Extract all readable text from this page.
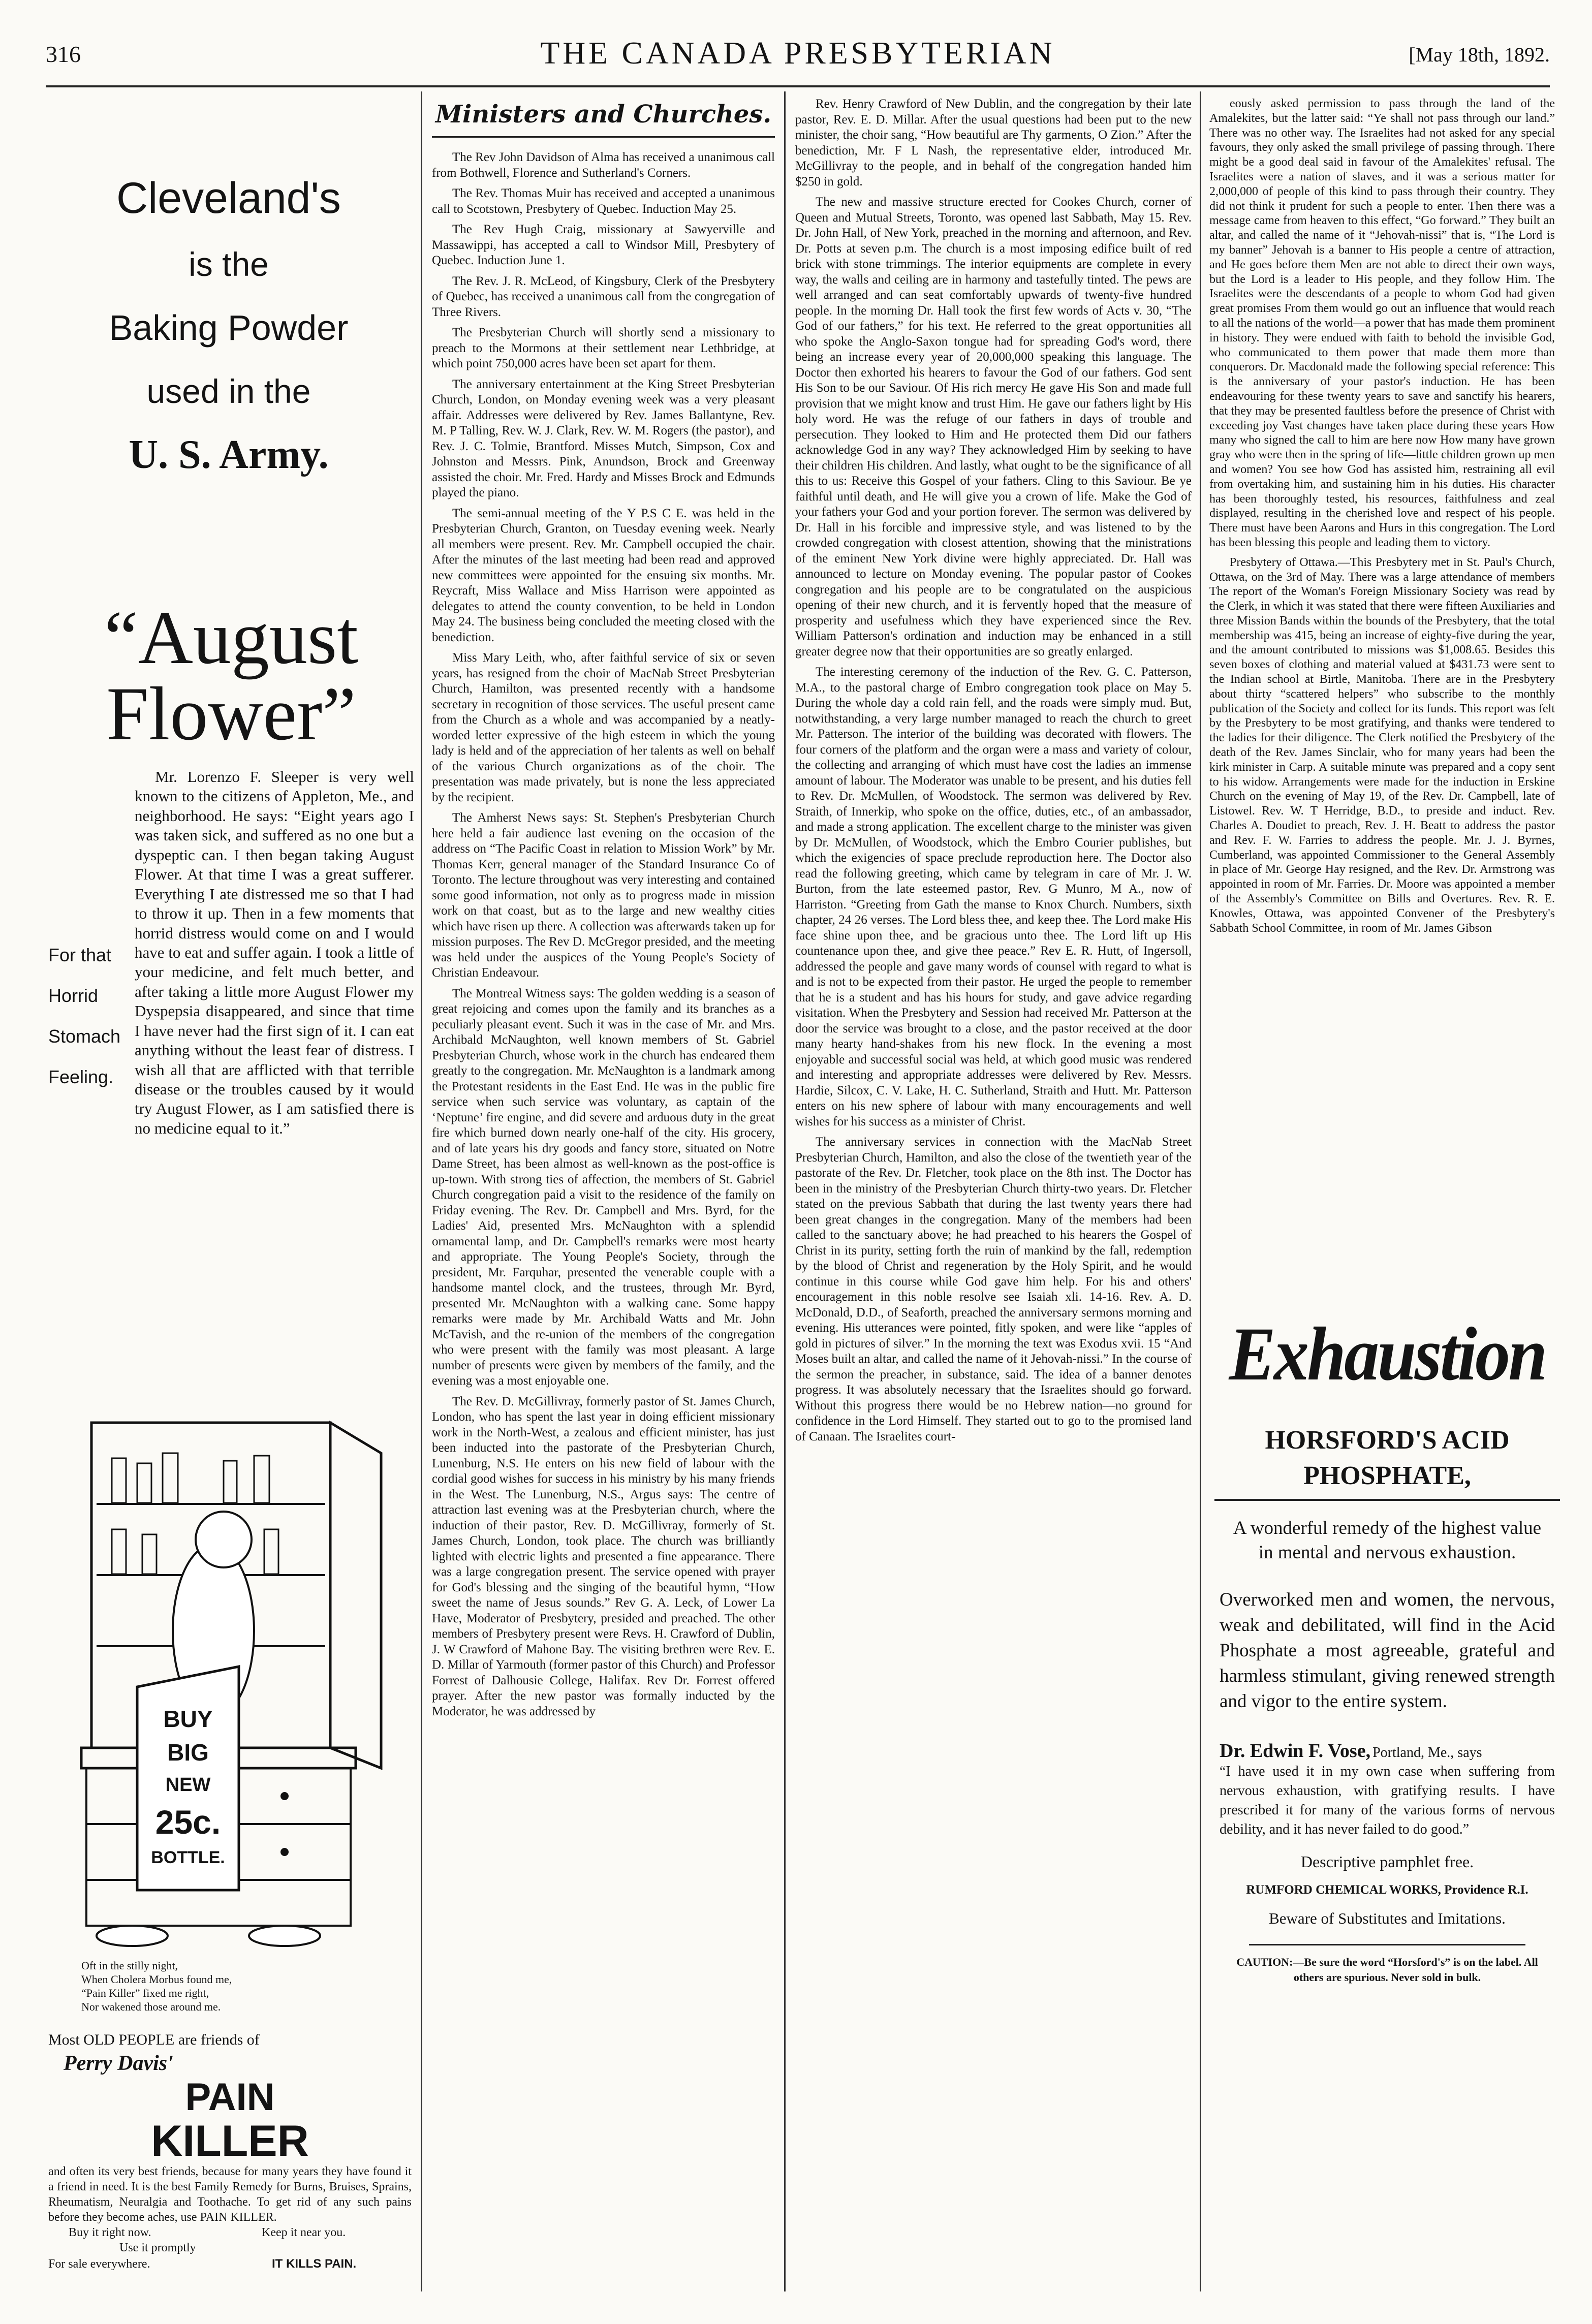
316	THE CANADA PRESBYTERIAN	[May 18th, 1892.
Cleveland's
is the
Baking Powder
used in the
U. S. Army.
“August
Flower”
For that
Horrid
Stomach
Feeling.
Mr. Lorenzo F. Sleeper is very well known to the citizens of Appleton, Me., and neighborhood. He says: “Eight years ago I was taken sick, and suffered as no one but a dyspeptic can. I then began taking August Flower. At that time I was a great sufferer. Everything I ate distressed me so that I had to throw it up. Then in a few moments that horrid distress would come on and I would have to eat and suffer again. I took a little of your medicine, and felt much better, and after taking a little more August Flower my Dyspepsia disappeared, and since that time I have never had the first sign of it. I can eat anything without the least fear of distress. I wish all that are afflicted with that terrible disease or the troubles caused by it would try August Flower, as I am satisfied there is no medicine equal to it.”
BUY
BIG
NEW
25c.
BOTTLE.
Oft in the stilly night,
When Cholera Morbus found me,
“Pain Killer” fixed me right,
Nor wakened those around me.
Most OLD PEOPLE are friends of
Perry Davis'
PAIN
KILLER
and often its very best friends, because for many years they have found it a friend in need. It is the best Family Remedy for Burns, Bruises, Sprains, Rheumatism, Neuralgia and Toothache. To get rid of any such pains before they become aches, use PAIN KILLER.
Buy it right now.	Keep it near you.
Use it promptly
For sale everywhere.	IT KILLS PAIN.
Ministers and Churches.

The Rev John Davidson of Alma has received a unanimous call from Bothwell, Florence and Sutherland's Corners.

The Rev. Thomas Muir has received and accepted a unanimous call to Scotstown, Presbytery of Quebec. Induction May 25.

The Rev Hugh Craig, missionary at Sawyerville and Massawippi, has accepted a call to Windsor Mill, Presbytery of Quebec. Induction June 1.

The Rev. J. R. McLeod, of Kingsbury, Clerk of the Presbytery of Quebec, has received a unanimous call from the congregation of Three Rivers.

The Presbyterian Church will shortly send a missionary to preach to the Mormons at their settlement near Lethbridge, at which point 750,000 acres have been set apart for them.

The anniversary entertainment at the King Street Presbyterian Church, London, on Monday evening week was a very pleasant affair. Addresses were delivered by Rev. James Ballantyne, Rev. M. P Talling, Rev. W. J. Clark, Rev. W. M. Rogers (the pastor), and Rev. J. C. Tolmie, Brantford. Misses Mutch, Simpson, Cox and Johnston and Messrs. Pink, Anundson, Brock and Greenway assisted the choir. Mr. Fred. Hardy and Misses Brock and Edmunds played the piano.

The semi-annual meeting of the Y P.S C E. was held in the Presbyterian Church, Granton, on Tuesday evening week. Nearly all members were present. Rev. Mr. Campbell occupied the chair. After the minutes of the last meeting had been read and approved new committees were appointed for the ensuing six months. Mr. Reycraft, Miss Wallace and Miss Harrison were appointed as delegates to attend the county convention, to be held in London May 24. The business being concluded the meeting closed with the benediction.

Miss Mary Leith, who, after faithful service of six or seven years, has resigned from the choir of MacNab Street Presbyterian Church, Hamilton, was presented recently with a handsome secretary in recognition of those services. The useful present came from the Church as a whole and was accompanied by a neatly-worded letter expressive of the high esteem in which the young lady is held and of the appreciation of her talents as well on behalf of the various Church organizations as of the choir. The presentation was made privately, but is none the less appreciated by the recipient.

The Amherst News says: St. Stephen's Presbyterian Church here held a fair audience last evening on the occasion of the address on “The Pacific Coast in relation to Mission Work” by Mr. Thomas Kerr, general manager of the Standard Insurance Co of Toronto. The lecture throughout was very interesting and contained some good information, not only as to progress made in mission work on that coast, but as to the large and new wealthy cities which have risen up there. A collection was afterwards taken up for mission purposes. The Rev D. McGregor presided, and the meeting was held under the auspices of the Young People's Society of Christian Endeavour.

The Montreal Witness says: The golden wedding is a season of great rejoicing and comes upon the family and its branches as a peculiarly pleasant event. Such it was in the case of Mr. and Mrs. Archibald McNaughton, well known members of St. Gabriel Presbyterian Church, whose work in the church has endeared them greatly to the congregation. Mr. McNaughton is a landmark among the Protestant residents in the East End. He was in the public fire service when such service was voluntary, as captain of the ‘Neptune’ fire engine, and did severe and arduous duty in the great fire which burned down nearly one-half of the city. His grocery, and of late years his dry goods and fancy store, situated on Notre Dame Street, has been almost as well-known as the post-office is up-town. With strong ties of affection, the members of St. Gabriel Church congregation paid a visit to the residence of the family on Friday evening. The Rev. Dr. Campbell and Mrs. Byrd, for the Ladies' Aid, presented Mrs. McNaughton with a splendid ornamental lamp, and Dr. Campbell's remarks were most hearty and appropriate. The Young People's Society, through the president, Mr. Farquhar, presented the venerable couple with a handsome mantel clock, and the trustees, through Mr. Byrd, presented Mr. McNaughton with a walking cane. Some happy remarks were made by Mr. Archibald Watts and Mr. John McTavish, and the re-union of the members of the congregation who were present with the family was most pleasant. A large number of presents were given by members of the family, and the evening was a most enjoyable one.

The Rev. D. McGillivray, formerly pastor of St. James Church, London, who has spent the last year in doing efficient missionary work in the North-West, a zealous and efficient minister, has just been inducted into the pastorate of the Presbyterian Church, Lunenburg, N.S. He enters on his new field of labour with the cordial good wishes for success in his ministry by his many friends in the West. The Lunenburg, N.S., Argus says: The centre of attraction last evening was at the Presbyterian church, where the induction of their pastor, Rev. D. McGillivray, formerly of St. James Church, London, took place. The church was brilliantly lighted with electric lights and presented a fine appearance. There was a large congregation present. The service opened with prayer for God's blessing and the singing of the beautiful hymn, “How sweet the name of Jesus sounds.” Rev G. A. Leck, of Lower La Have, Moderator of Presbytery, presided and preached. The other members of Presbytery present were Revs. H. Crawford of Dublin, J. W Crawford of Mahone Bay. The visiting brethren were Rev. E. D. Millar of Yarmouth (former pastor of this Church) and Professor Forrest of Dalhousie College, Halifax. Rev Dr. Forrest offered prayer. After the new pastor was formally inducted by the Moderator, he was addressed by

Rev. Henry Crawford of New Dublin, and the congregation by their late pastor, Rev. E. D. Millar. After the usual questions had been put to the new minister, the choir sang, “How beautiful are Thy garments, O Zion.” After the benediction, Mr. F L Nash, the representative elder, introduced Mr. McGillivray to the people, and in behalf of the congregation handed him $250 in gold.

The new and massive structure erected for Cookes Church, corner of Queen and Mutual Streets, Toronto, was opened last Sabbath, May 15. Rev. Dr. John Hall, of New York, preached in the morning and afternoon, and Rev. Dr. Potts at seven p.m. The church is a most imposing edifice built of red brick with stone trimmings. The interior equipments are complete in every way, the walls and ceiling are in harmony and tastefully tinted. The pews are well arranged and can seat comfortably upwards of twenty-five hundred people. In the morning Dr. Hall took the first few words of Acts v. 30, “The God of our fathers,” for his text. He referred to the great opportunities all who spoke the Anglo-Saxon tongue had for spreading God's word, there being an increase every year of 20,000,000 speaking this language. The Doctor then exhorted his hearers to favour the God of our fathers. God sent His Son to be our Saviour. Of His rich mercy He gave His Son and made full provision that we might know and trust Him. He gave our fathers light by His holy word. He was the refuge of our fathers in days of trouble and persecution. They looked to Him and He protected them Did our fathers acknowledge God in any way? They acknowledged Him by seeking to have their children His children. And lastly, what ought to be the significance of all this to us: Receive this Gospel of your fathers. Cling to this Saviour. Be ye faithful until death, and He will give you a crown of life. Make the God of your fathers your God and your portion forever. The sermon was delivered by Dr. Hall in his forcible and impressive style, and was listened to by the crowded congregation with closest attention, showing that the ministrations of the eminent New York divine were highly appreciated. Dr. Hall was announced to lecture on Monday evening. The popular pastor of Cookes congregation and his people are to be congratulated on the auspicious opening of their new church, and it is fervently hoped that the measure of prosperity and usefulness which they have experienced since the Rev. William Patterson's ordination and induction may be enhanced in a still greater degree now that their opportunities are so greatly enlarged.

The interesting ceremony of the induction of the Rev. G. C. Patterson, M.A., to the pastoral charge of Embro congregation took place on May 5. During the whole day a cold rain fell, and the roads were simply mud. But, notwithstanding, a very large number managed to reach the church to greet Mr. Patterson. The interior of the building was decorated with flowers. The four corners of the platform and the organ were a mass and variety of colour, the collecting and arranging of which must have cost the ladies an immense amount of labour. The Moderator was unable to be present, and his duties fell to Rev. Dr. McMullen, of Woodstock. The sermon was delivered by Rev. Straith, of Innerkip, who spoke on the office, duties, etc., of an ambassador, and made a strong application. The excellent charge to the minister was given by Dr. McMullen, of Woodstock, which the Embro Courier publishes, but which the exigencies of space preclude reproduction here. The Doctor also read the following greeting, which came by telegram in care of Mr. J. W. Burton, from the late esteemed pastor, Rev. G Munro, M A., now of Harriston. “Greeting from Gath the manse to Knox Church. Numbers, sixth chapter, 24 26 verses. The Lord bless thee, and keep thee. The Lord make His face shine upon thee, and be gracious unto thee. The Lord lift up His countenance upon thee, and give thee peace.” Rev E. R. Hutt, of Ingersoll, addressed the people and gave many words of counsel with regard to what is and is not to be expected from their pastor. He urged the people to remember that he is a student and has his hours for study, and gave advice regarding visitation. When the Presbytery and Session had received Mr. Patterson at the door the service was brought to a close, and the pastor received at the door many hearty hand-shakes from his new flock. In the evening a most enjoyable and successful social was held, at which good music was rendered and interesting and appropriate addresses were delivered by Rev. Messrs. Hardie, Silcox, C. V. Lake, H. C. Sutherland, Straith and Hutt. Mr. Patterson enters on his new sphere of labour with many encouragements and well wishes for his success as a minister of Christ.

The anniversary services in connection with the MacNab Street Presbyterian Church, Hamilton, and also the close of the twentieth year of the pastorate of the Rev. Dr. Fletcher, took place on the 8th inst. The Doctor has been in the ministry of the Presbyterian Church thirty-two years. Dr. Fletcher stated on the previous Sabbath that during the last twenty years there had been great changes in the congregation. Many of the members had been called to the sanctuary above; he had preached to his hearers the Gospel of Christ in its purity, setting forth the ruin of mankind by the fall, redemption by the blood of Christ and regeneration by the Holy Spirit, and he would continue in this course while God gave him help. For his and others' encouragement in this noble resolve see Isaiah xli. 14-16. Rev. A. D. McDonald, D.D., of Seaforth, preached the anniversary sermons morning and evening. His utterances were pointed, fitly spoken, and were like “apples of gold in pictures of silver.” In the morning the text was Exodus xvii. 15 “And Moses built an altar, and called the name of it Jehovah-nissi.” In the course of the sermon the preacher, in substance, said. The idea of a banner denotes progress. It was absolutely necessary that the Israelites should go forward. Without this progress there would be no Hebrew nation—no ground for confidence in the Lord Himself. They started out to go to the promised land of Canaan. The Israelites court-

eously asked permission to pass through the land of the Amalekites, but the latter said: “Ye shall not pass through our land.” There was no other way. The Israelites had not asked for any special favours, they only asked the small privilege of passing through. There might be a good deal said in favour of the Amalekites' refusal. The Israelites were a nation of slaves, and it was a serious matter for 2,000,000 of people of this kind to pass through their country. They did not think it prudent for such a people to enter. Then there was a message came from heaven to this effect, “Go forward.” They built an altar, and called the name of it “Jehovah-nissi” that is, “The Lord is my banner” Jehovah is a banner to His people a centre of attraction, and He goes before them Men are not able to direct their own ways, but the Lord is a leader to His people, and they follow Him. The Israelites were the descendants of a people to whom God had given great promises From them would go out an influence that would reach to all the nations of the world—a power that has made them prominent in history. They were endued with faith to behold the invisible God, who communicated to them power that made them more than conquerors. Dr. Macdonald made the following special reference: This is the anniversary of your pastor's induction. He has been endeavouring for these twenty years to save and sanctify his hearers, that they may be presented faultless before the presence of Christ with exceeding joy Vast changes have taken place during these years How many who signed the call to him are here now How many have grown gray who were then in the spring of life—little children grown up men and women? You see how God has assisted him, restraining all evil from overtaking him, and sustaining him in his duties. His character has been thoroughly tested, his resources, faithfulness and zeal displayed, resulting in the cherished love and respect of his people. There must have been Aarons and Hurs in this congregation. The Lord has been blessing this people and leading them to victory.

Presbytery of Ottawa.—This Presbytery met in St. Paul's Church, Ottawa, on the 3rd of May. There was a large attendance of members The report of the Woman's Foreign Missionary Society was read by the Clerk, in which it was stated that there were fifteen Auxiliaries and three Mission Bands within the bounds of the Presbytery, that the total membership was 415, being an increase of eighty-five during the year, and the amount contributed to missions was $1,008.65. Besides this seven boxes of clothing and material valued at $431.73 were sent to the Indian school at Birtle, Manitoba. There are in the Presbytery about thirty “scattered helpers” who subscribe to the monthly publication of the Society and collect for its funds. This report was felt by the Presbytery to be most gratifying, and thanks were tendered to the ladies for their diligence. The Clerk notified the Presbytery of the death of the Rev. James Sinclair, who for many years had been the kirk minister in Carp. A suitable minute was prepared and a copy sent to his widow. Arrangements were made for the induction in Erskine Church on the evening of May 19, of the Rev. Dr. Campbell, late of Listowel. Rev. W. T Herridge, B.D., to preside and induct. Rev. Charles A. Doudiet to preach, Rev. J. H. Beatt to address the pastor and Rev. F. W. Farries to address the people. Mr. J. J. Byrnes, Cumberland, was appointed Commissioner to the General Assembly in place of Mr. George Hay resigned, and the Rev. Dr. Armstrong was appointed in room of Mr. Farries. Dr. Moore was appointed a member of the Assembly's Committee on Bills and Overtures. Rev. R. E. Knowles, Ottawa, was appointed Convener of the Presbytery's Sabbath School Committee, in room of Mr. James Gibson

Exhaustion
HORSFORD'S ACID PHOSPHATE,
A wonderful remedy of the highest value in mental and nervous exhaustion.
Overworked men and women, the nervous, weak and debilitated, will find in the Acid Phosphate a most agreeable, grateful and harmless stimulant, giving renewed strength and vigor to the entire system.
Dr. Edwin F. Vose, Portland, Me., says
“I have used it in my own case when suffering from nervous exhaustion, with gratifying results. I have prescribed it for many of the various forms of nervous debility, and it has never failed to do good.”
Descriptive pamphlet free.
RUMFORD CHEMICAL WORKS, Providence R.I.
Beware of Substitutes and Imitations.
CAUTION:—Be sure the word “Horsford's” is on the label. All others are spurious. Never sold in bulk.
